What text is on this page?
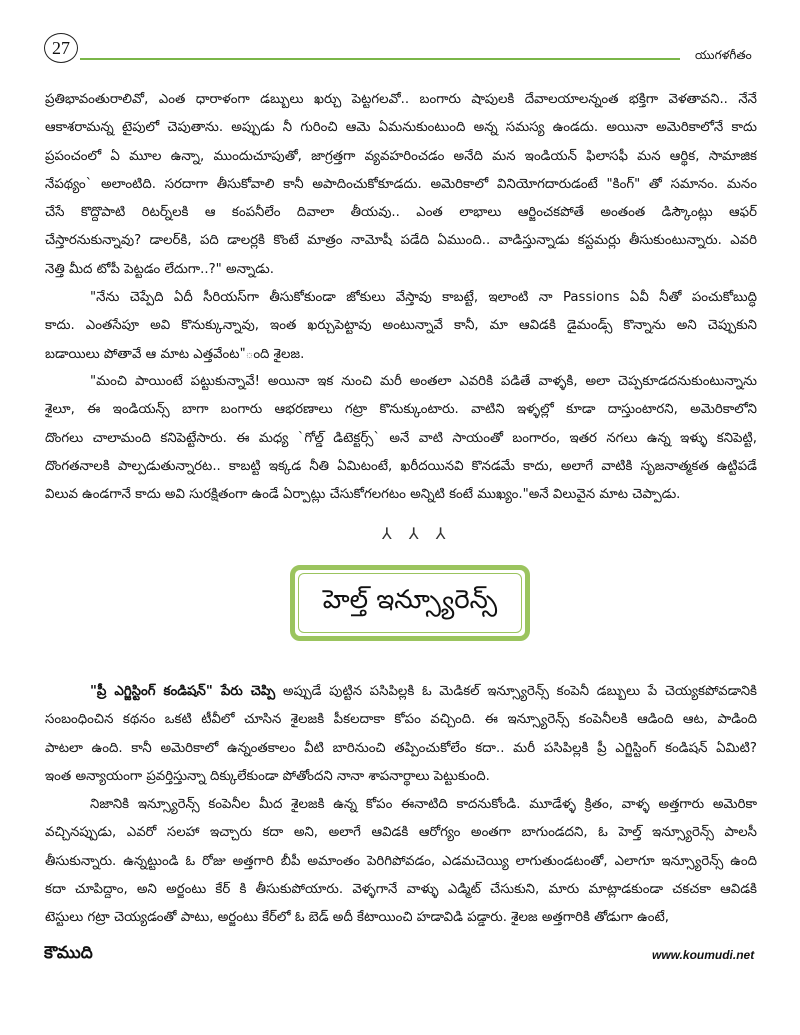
27	యుగళగీతం
ప్రతిభావంతురాలివో, ఎంత ధారాళంగా డబ్బులు ఖర్చు పెట్టగలవో.. బంగారు షాపులకి దేవాలయాలన్నంత భక్తిగా వెళతావని.. నేనే
ఆకాశరామన్న టైపులో చెపుతాను. అప్పుడు నీ గురించి ఆమె ఏమనుకుంటుంది అన్న సమస్య ఉండదు. అయినా అమెరికాలోనే కాదు
ప్రపంచంలో ఏ మూల ఉన్నా, ముందుచూపుతో, జాగ్రత్తగా వ్యవహరించడం అనేది మన ఇండియన్ ఫిలాసఫీ మన ఆర్థిక, సామాజిక
నేపథ్యం` అలాంటిది. సరదాగా తీసుకోవాలి కానీ అపాదించుకోకూడదు. అమెరికాలో వినియోగదారుడంటే "కింగ్" తో సమానం. మనం
చేసే కొద్దొపాటి రిటర్న్‌లకి ఆ కంపనీలేం దివాలా తీయవు.. ఎంత లాభాలు ఆర్జించకపోతే అంతంత డిస్కౌంట్లు ఆఫర్
చేస్తారనుకున్నావు? డాలర్‌కి, పది డాలర్లకి కొంటే మాత్రం నామోషీ పడేది ఏముంది.. వాడిస్తున్నాడు కస్టమర్లు తీసుకుంటున్నారు. ఎవరి
నెత్తి మీద టోపీ పెట్టడం లేదుగా..?" అన్నాడు.
"నేను చెప్పేది ఏదీ సీరియస్‌గా తీసుకోకుండా జోకులు వేస్తావు కాబట్టే, ఇలాంటి నా Passions ఏవీ నీతో పంచుకోబుద్ధి
కాదు. ఎంతసేపూ అవి కొనుక్కున్నావు, ఇంత ఖర్చుపెట్టావు అంటున్నావే కానీ, మా ఆవిడకి డైమండ్స్ కొన్నాను అని చెప్పుకుని
బడాయిలు పోతావే ఆ మాట ఎత్తవేంట"ంది శైలజ.
"మంచి పాయింటే పట్టుకున్నావే! అయినా ఇక నుంచి మరీ అంతలా ఎవరికి పడితే వాళ్ళకి, అలా చెప్పకూడదనుకుంటున్నాను
శైలూ, ఈ ఇండియన్స్ బాగా బంగారు ఆభరణాలు గట్రా కొనుక్కుంటారు. వాటిని ఇళ్ళల్లో కూడా దాస్తుంటారని, అమెరికాలోని
దొంగలు చాలామంది కనిపెట్టేసారు. ఈ మధ్య `గోల్డ్ డిటెక్టర్స్` అనే వాటి సాయంతో బంగారం, ఇతర నగలు ఉన్న ఇళ్ళు కనిపెట్టి,
దొంగతనాలకి పాల్పడుతున్నారట.. కాబట్టి ఇక్కడ నీతి ఏమిటంటే, ఖరీదయినవి కొనడమే కాదు, అలాగే వాటికి సృజనాత్మకత ఉట్టిపడే
విలువ ఉండగానే కాదు అవి సురక్షితంగా ఉండే ఏర్పాట్లు చేసుకోగలగటం అన్నిటి కంటే ముఖ్యం."అనే విలువైన మాట చెప్పాడు.
⅄ ⅄ ⅄
హెల్త్ ఇన్స్యూరెన్స్
"ప్రీ ఎగ్జిస్టింగ్ కండిషన్" పేరు చెప్పి అప్పుడే పుట్టిన పసిపిల్లకి ఓ మెడికల్ ఇన్స్యూరెన్స్ కంపెనీ డబ్బులు పే చెయ్యకపోవడానికి
సంబంధించిన కథనం ఒకటి టీవీలో చూసిన శైలజకి పీకలదాకా కోపం వచ్చింది. ఈ ఇన్స్యూరెన్స్ కంపెనీలకి ఆడింది ఆట, పాడింది
పాటలా ఉంది. కానీ అమెరికాలో ఉన్నంతకాలం వీటి బారినుంచి తప్పించుకోలేం కదా.. మరీ పసిపిల్లకి ప్రీ ఎగ్జిస్టింగ్ కండిషన్ ఏమిటి?
ఇంత అన్యాయంగా ప్రవర్తిస్తున్నా దిక్కులేకుండా పోతోందని నానా శాపనార్థాలు పెట్టుకుంది.
నిజానికి ఇన్స్యూరెన్స్ కంపెనీల మీద శైలజకి ఉన్న కోపం ఈనాటిది కాదనుకోండి. మూడేళ్ళ క్రితం, వాళ్ళ అత్తగారు అమెరికా
వచ్చినప్పుడు, ఎవరో సలహా ఇచ్చారు కదా అని, అలాగే ఆవిడకి ఆరోగ్యం అంతగా బాగుండదని, ఓ హెల్త్ ఇన్స్యూరెన్స్ పాలసీ
తీసుకున్నారు. ఉన్నట్టుండి ఓ రోజు అత్తగారి బీపీ అమాంతం పెరిగిపోవడం, ఎడమచెయ్యి లాగుతుండటంతో, ఎలాగూ ఇన్స్యూరెన్స్ ఉంది
కదా చూపిద్దాం, అని అర్జంటు కేర్ కి తీసుకుపోయారు. వెళ్ళగానే వాళ్ళు ఎడ్మిట్ చేసుకుని, మారు మాట్లాడకుండా చకచకా ఆవిడకి
టెస్టులు గట్రా చెయ్యడంతో పాటు, అర్జంటు కేర్‌లో ఓ బెడ్ అదీ కేటాయించి హడావిడి పడ్డారు. శైలజ అత్తగారికి తోడుగా ఉంటే,
కౌముది	www.koumudi.net
